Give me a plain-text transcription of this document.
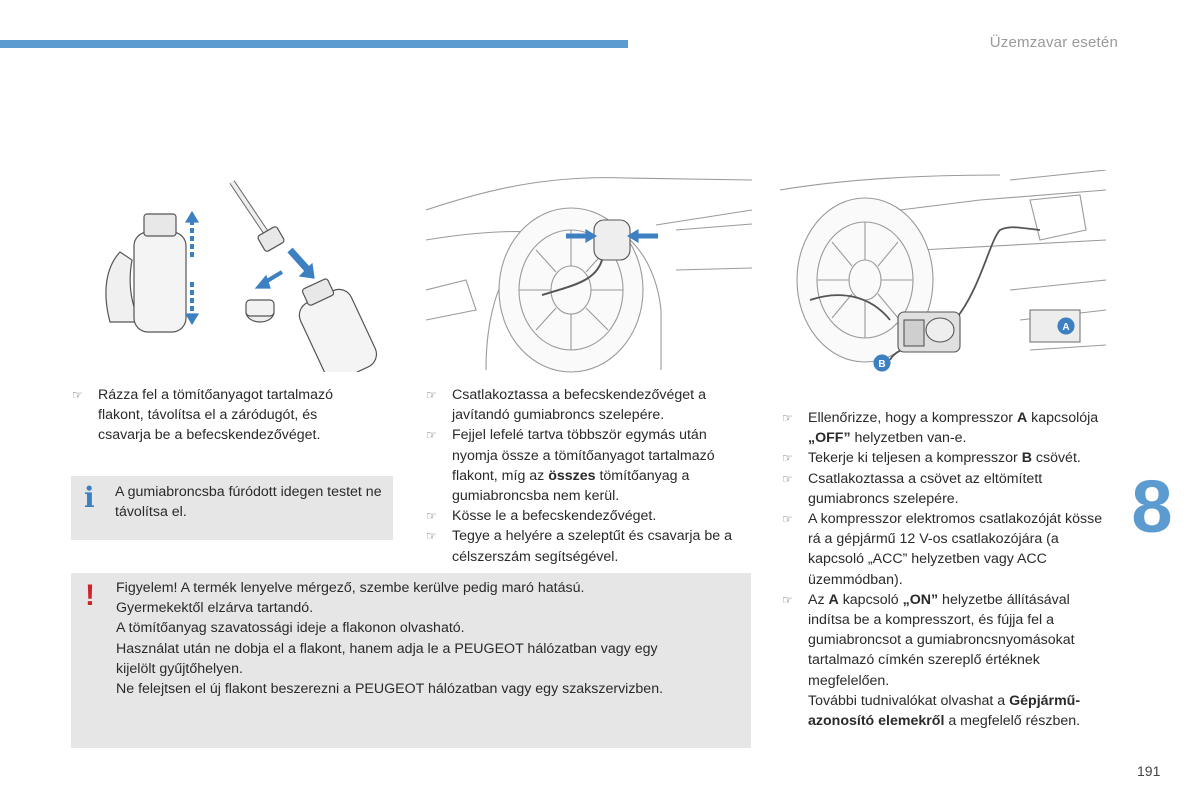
Üzemzavar esetén
A
B
☞ Rázza fel a tömítőanyagot tartalmazó flakont, távolítsa el a záródugót, és csavarja be a befecskendezővéget.
i A gumiabroncsba fúródott idegen testet ne távolítsa el.
☞ Csatlakoztassa a befecskendezővéget a javítandó gumiabroncs szelepére.
☞ Fejjel lefelé tartva többször egymás után nyomja össze a tömítőanyagot tartalmazó flakont, míg az összes tömítőanyag a gumiabroncsba nem kerül.
☞ Kösse le a befecskendezővéget.
☞ Tegye a helyére a szeleptűt és csavarja be a célszerszám segítségével.
! Figyelem! A termék lenyelve mérgező, szembe kerülve pedig maró hatású.
Gyermekektől elzárva tartandó.
A tömítőanyag szavatossági ideje a flakonon olvasható.
Használat után ne dobja el a flakont, hanem adja le a PEUGEOT hálózatban vagy egy
kijelölt gyűjtőhelyen.
Ne felejtsen el új flakont beszerezni a PEUGEOT hálózatban vagy egy szakszervizben.
☞ Ellenőrizze, hogy a kompresszor A kapcsolója „OFF” helyzetben van-e.
☞ Tekerje ki teljesen a kompresszor B csövét.
☞ Csatlakoztassa a csövet az eltömített gumiabroncs szelepére.
☞ A kompresszor elektromos csatlakozóját kösse rá a gépjármű 12 V-os csatlakozójára (a kapcsoló „ACC” helyzetben vagy ACC üzemmódban).
☞ Az A kapcsoló „ON” helyzetbe állításával indítsa be a kompresszort, és fújja fel a gumiabroncsot a gumiabroncsnyomásokat tartalmazó címkén szereplő értéknek megfelelően.
További tudnivalókat olvashat a Gépjármű-azonosító elemekről a megfelelő részben.
8
191
